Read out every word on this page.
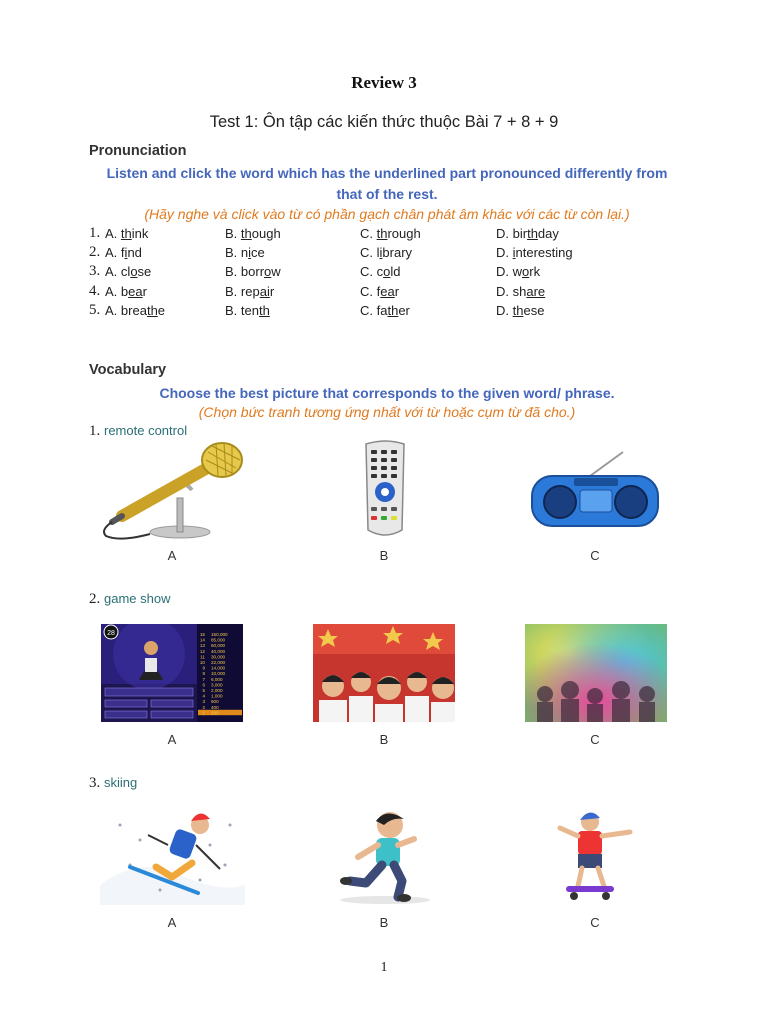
Review 3
Test 1: Ôn tập các kiến thức thuộc Bài 7 + 8 + 9
Pronunciation
Listen and click the word which has the underlined part pronounced differently from
that of the rest.
(Hãy nghe và click vào từ có phần gạch chân phát âm khác với các từ còn lại.)
1. A. think	B. though	C. through	D. birthday
2. A. find	B. nice	C. library	D. interesting
3. A. close	B. borrow	C. cold	D. work
4. A. bear	B. repair	C. fear	D. share
5. A. breathe	B. tenth	C. father	D. these
Vocabulary
Choose the best picture that corresponds to the given word/ phrase.
(Chọn bức tranh tương ứng nhất với từ hoặc cụm từ đã cho.)
1. remote control
A	B	C
2. game show
28	15 150,000
14 85,000
13 60,000
12 40,000
11 30,000
10 22,000
9 14,000
8 10,000
7 6,000
6 3,000
5 2,000
4 1,000
3 600
2 400
1 200
A	B	C
3. skiing
A	B	C
1
